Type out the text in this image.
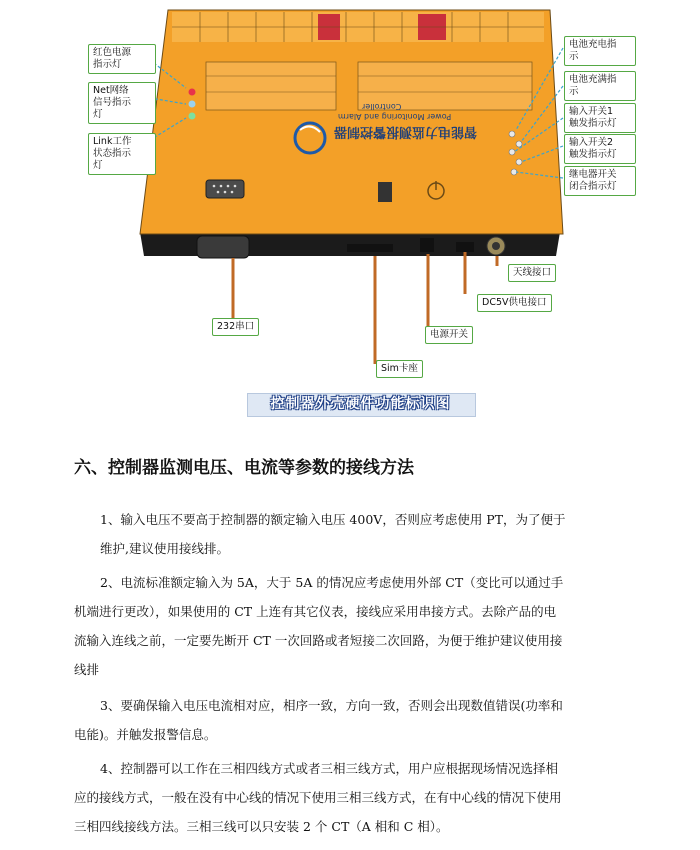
红色电源
指示灯
Net网络
信号指示
灯
Link工作
状态指示
灯
电池充电指
示
电池充满指
示
输入开关1
触发指示灯
输入开关2
触发指示灯
继电器开关
闭合指示灯
天线接口
DC5V供电接口
电源开关
Sim卡座
232串口
智能电力监测报警控制器
Power Monitoring and Alarm
Controller
控制器外壳硬件功能标识图
六、控制器监测电压、电流等参数的接线方法
1、输入电压不要高于控制器的额定输入电压 400V，否则应考虑使用 PT，为了便于
维护,建议使用接线排。
2、电流标准额定输入为 5A，大于 5A 的情况应考虑使用外部 CT（变比可以通过手
机端进行更改），如果使用的 CT 上连有其它仪表，接线应采用串接方式。去除产品的电
流输入连线之前，一定要先断开 CT 一次回路或者短接二次回路，为便于维护建议使用接
线排
3、要确保输入电压电流相对应，相序一致，方向一致，否则会出现数值错误(功率和
电能)。并触发报警信息。
4、控制器可以工作在三相四线方式或者三相三线方式，用户应根据现场情况选择相
应的接线方式，一般在没有中心线的情况下使用三相三线方式，在有中心线的情况下使用
三相四线接线方法。三相三线可以只安装 2 个 CT（A 相和 C 相）。
